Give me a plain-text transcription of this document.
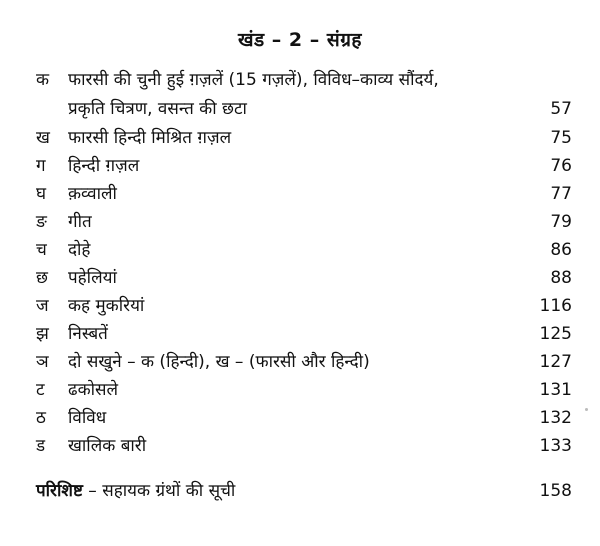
खंड – 2 – संग्रह
क	फारसी की चुनी हुई ग़ज़लें (15 गज़लें), विविध–काव्य सौंदर्य,
प्रकृति चित्रण, वसन्त की छटा	57
ख	फारसी हिन्दी मिश्रित ग़ज़ल	75
ग	हिन्दी ग़ज़ल	76
घ	क़व्वाली	77
ङ	गीत	79
च	दोहे	86
छ	पहेलियां	88
ज	कह मुकरियां	116
झ	निस्बतें	125
ञ	दो सखुने – क (हिन्दी), ख – (फारसी और हिन्दी)	127
ट	ढकोसले	131
ठ	विविध	132
ड	खालिक बारी	133
परिशिष्ट – सहायक ग्रंथों की सूची	158
